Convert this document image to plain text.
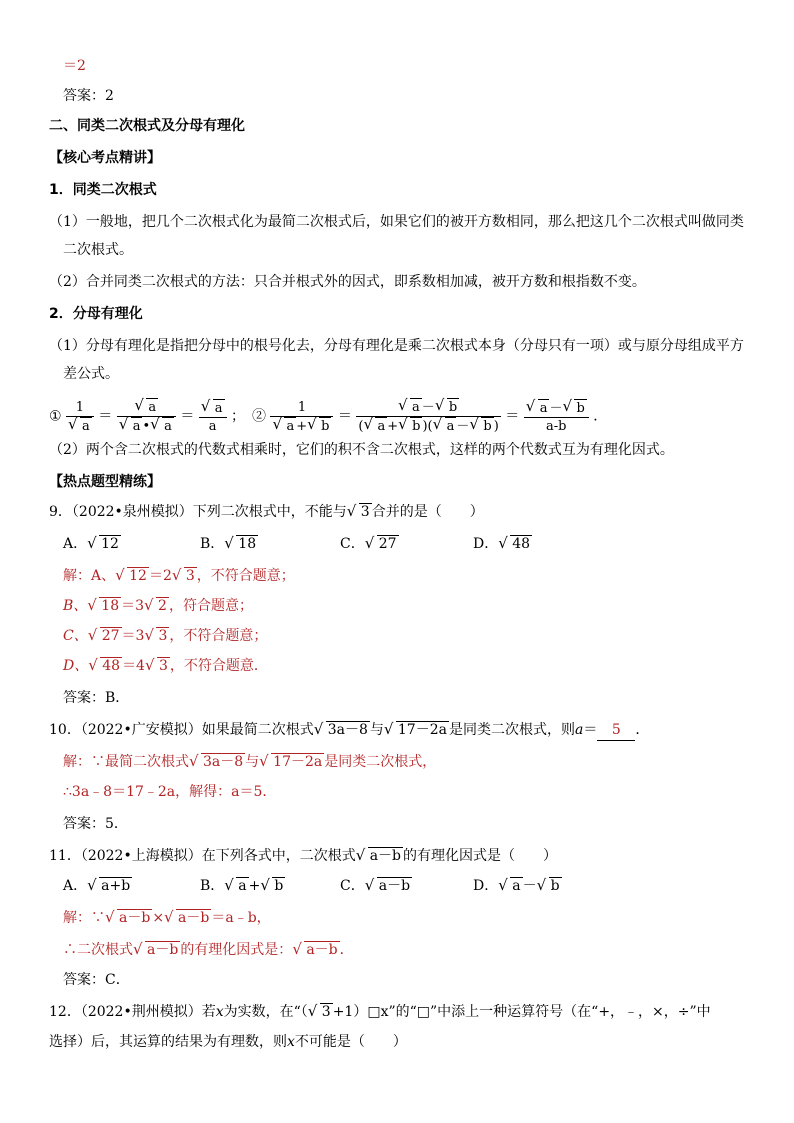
＝2
答案：2
二、同类二次根式及分母有理化
【核心考点精讲】
1．同类二次根式
（1）一般地，把几个二次根式化为最简二次根式后，如果它们的被开方数相同，那么把这几个二次根式叫做同类
二次根式。
（2）合并同类二次根式的方法：只合并根式外的因式，即系数相加减，被开方数和根指数不变。
2．分母有理化
（1）分母有理化是指把分母中的根号化去，分母有理化是乘二次根式本身（分母只有一项）或与原分母组成平方
差公式。
① 1
√ a ＝ √ a
√ a • √ a ＝ √ $\frac{a}{a}$ ；　② 1
√ a + √ b ＝ √ $\frac{a - √ b}{( √ a + √ b )( √ a - √ b )}$ ＝ √ $\frac{a - √ b}{a-b}$ ．
（2）两个含二次根式的代数式相乘时，它们的积不含二次根式，这样的两个代数式互为有理化因式。
【热点题型精练】
9．（2022•泉州模拟）下列二次根式中，不能与 √ 3 合并的是（　　）
A． √ 12	B． √ 18	C． √ 27	D． √ 48
解：A、 √ 12 ＝2 √ 3 ，不符合题意；
B、 √ 18 ＝3 √ 2 ，符合题意；
C、 √ 27 ＝3 √ 3 ，不符合题意；
D、 √ 48 ＝4 √ 3 ，不符合题意．
答案：B．
10．（2022•广安模拟）如果最简二次根式 √ 3a－8 与 √ 17－2a 是同类二次根式，则a＝ 5 ．
解：∵最简二次根式 √ 3a－8 与 √ 17－2a 是同类二次根式，
∴3a﹣8＝17﹣2a，解得：a＝5．
答案：5．
11．（2022•上海模拟）在下列各式中，二次根式 √ a－b 的有理化因式是（　　）
A． √ a+b	B． √ a + √ b	C． √ a－b	D． √ a － √ b
解：∵ √ a－b × √ a－b ＝a﹣b，
∴二次根式 √ a－b 的有理化因式是： √ a－b ．
答案：C．
12．（2022•荆州模拟）若x为实数，在“（ √ 3 +1）□x”的“□”中添上一种运算符号（在“+，﹣，×，÷”中
选择）后，其运算的结果为有理数，则x不可能是（　　）
